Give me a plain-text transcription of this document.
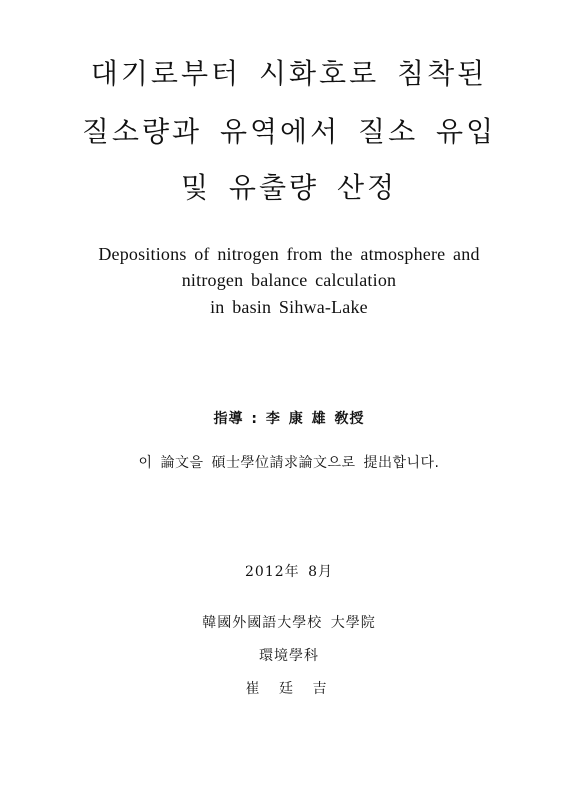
대기로부터 시화호로 침착된
질소량과 유역에서 질소 유입
및 유출량 산정
Depositions of nitrogen from the atmosphere and
nitrogen balance calculation
in basin Sihwa-Lake
指導 : 李 康 雄 敎授
이 論文을 碩士學位請求論文으로 提出합니다.
2012年 8月
韓國外國語大學校 大學院
環境學科
崔 廷 吉
